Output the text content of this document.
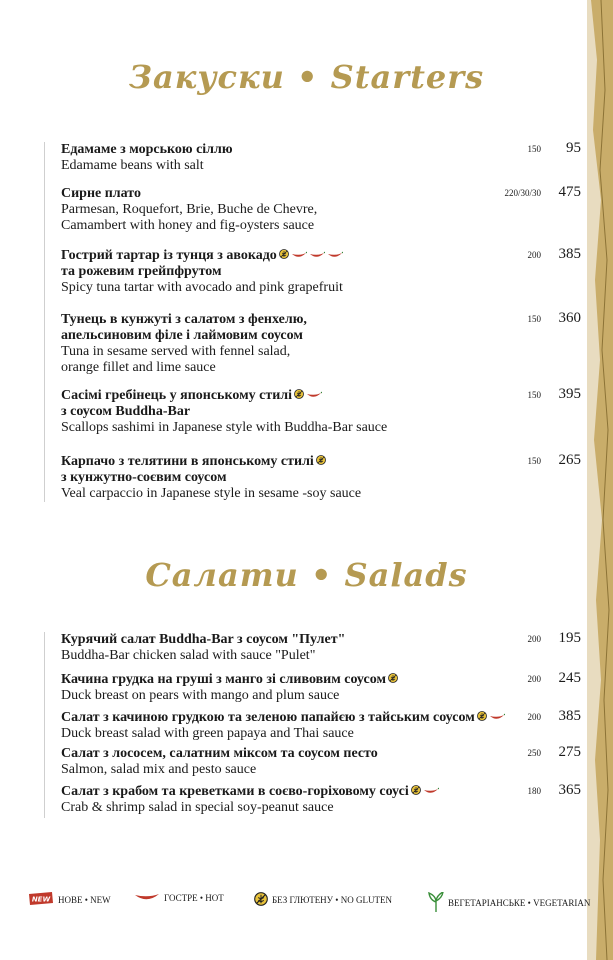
Закуски • Starters
Едамаме з морською сіллю
Edamame beans with salt
150	95
Сирне плато
Parmesan, Roquefort, Brie, Buche de Chevre,
Camambert with honey and fig-oysters sauce
220/30/30	475
Гострий тартар із тунця з авокадо
та рожевим грейпфрутом
Spicy tuna tartar with avocado and pink grapefruit
200	385
Тунець в кунжуті з салатом з фенхелю,
апельсиновим філе і лаймовим соусом
Tuna in sesame served with fennel salad,
orange fillet and lime sauce
150	360
Сасімі гребінець у японському стилі
з соусом Buddha-Bar
Scallops sashimi in Japanese style with Buddha-Bar sauce
150	395
Карпачо з телятини в японському стилі
з кунжутно-соєвим соусом
Veal carpaccio in Japanese style in sesame -soy sauce
150	265
Салати • Salads
Курячий салат Buddha-Bar з соусом "Пулет"
Buddha-Bar chicken salad with sauce "Pulet"
200	195
Качина грудка на груші з манго зі сливовим соусом
Duck breast on pears with mango and plum sauce
200	245
Салат з качиною грудкою та зеленою папайєю з тайським соусом
Duck breast salad with green papaya and Thai sauce
200	385
Салат з лососем, салатним міксом та соусом песто
Salmon, salad mix and pesto sauce
250	275
Салат з крабом та креветками в соєво-горіховому соусі
Crab & shrimp salad in special soy-peanut sauce
180	365
NEW НОВЕ • NEW	ГОСТРЕ • HOT	БЕЗ ГЛЮТЕНУ • NO GLUTEN	ВЕГЕТАРІАНСЬКЕ • VEGETARIAN
